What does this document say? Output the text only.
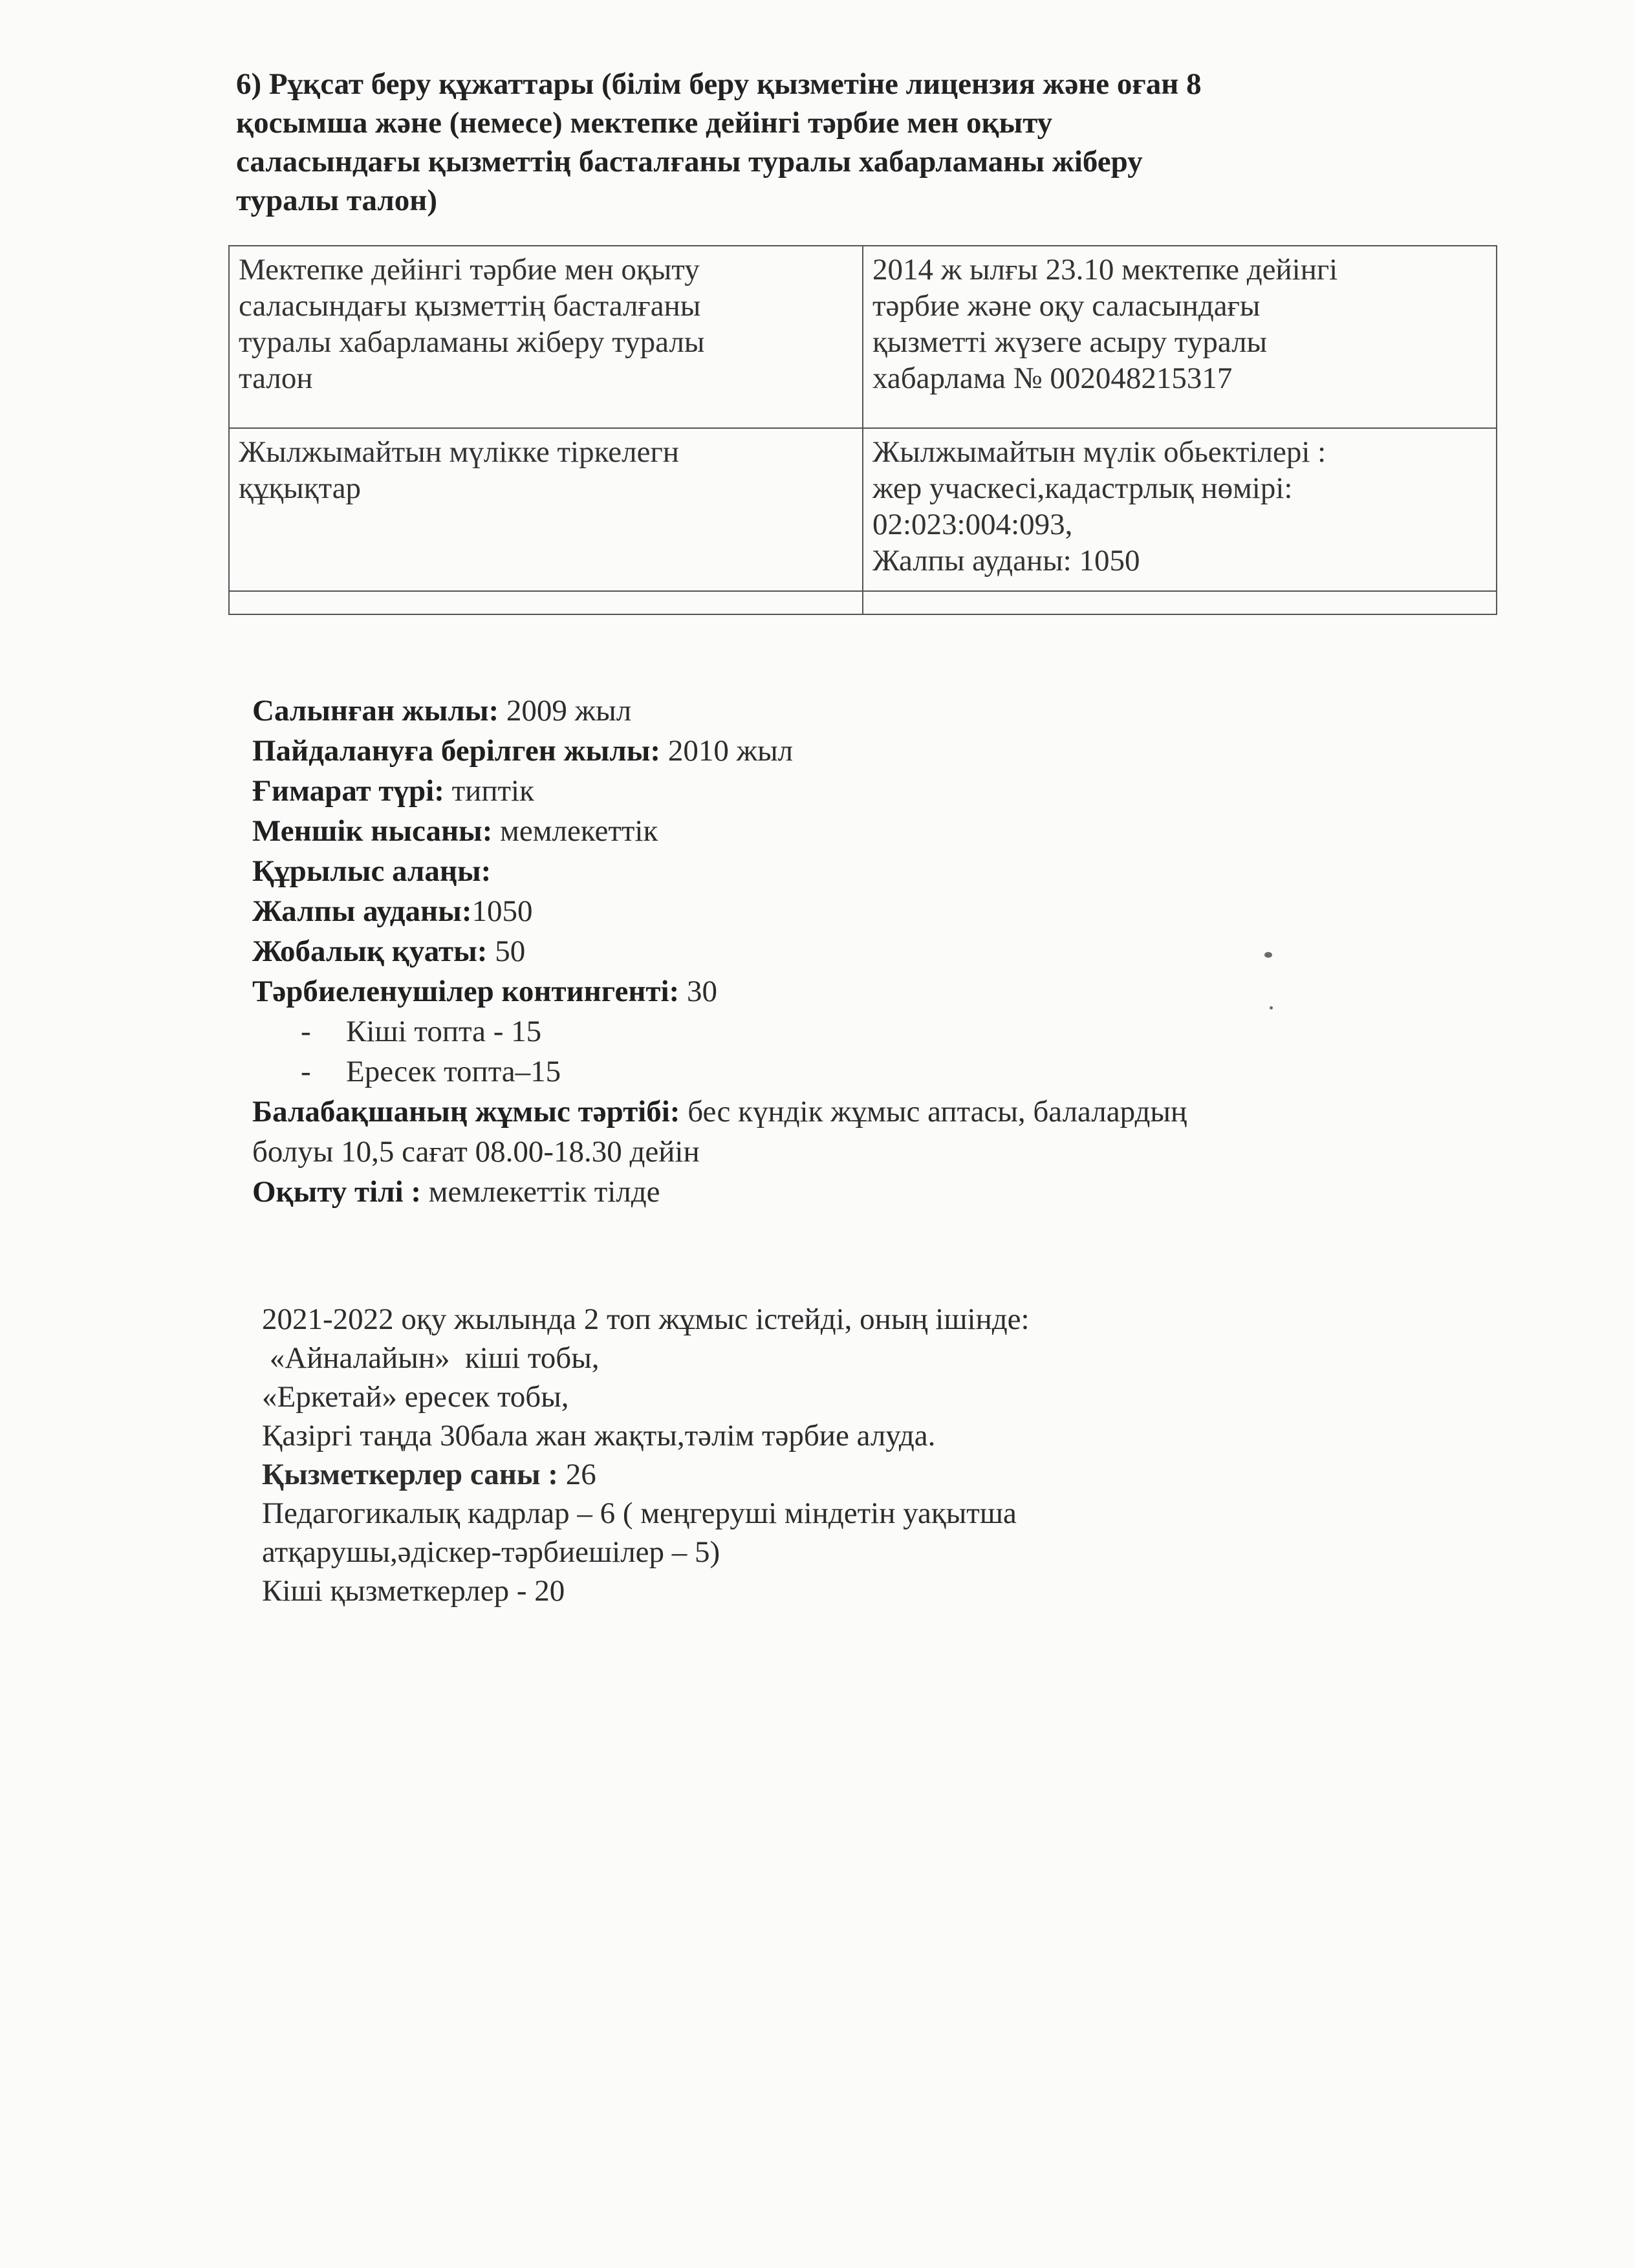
6) Рұқсат беру құжаттары (білім беру қызметіне лицензия және оған 8
қосымша және (немесе) мектепке дейінгі тәрбие мен оқыту
саласындағы қызметтің басталғаны туралы хабарламаны жіберу
туралы талон)
Мектепке дейінгі тәрбие мен оқыту
саласындағы қызметтің басталғаны
туралы хабарламаны жіберу туралы
талон	2014 ж ылғы 23.10 мектепке дейінгі
тәрбие және оқу саласындағы
қызметті жүзеге асыру туралы
хабарлама № 002048215317

Жылжымайтын мүлікке тіркелегн
құқықтар	Жылжымайтын мүлік обьектілері :
жер учаскесі,кадастрлық нөмірі:
02:023:004:093,
Жалпы ауданы: 1050

Салынған жылы: 2009 жыл
Пайдалануға берілген жылы: 2010 жыл
Ғимарат түрі: типтік
Меншік нысаны: мемлекеттік
Құрылыс алаңы:
Жалпы ауданы:1050
Жобалық қуаты: 50
Тәрбиеленушілер контингенті: 30
- Кіші топта - 15
- Ересек топта–15
Балабақшаның жұмыс тәртібі: бес күндік жұмыс аптасы, балалардың
болуы 10,5 сағат 08.00-18.30 дейін
Оқыту тілі : мемлекеттік тілде
2021-2022 оқу жылында 2 топ жұмыс істейді, оның ішінде:
«Айналайын»  кіші тобы,
«Еркетай» ересек тобы,
Қазіргі таңда 30бала жан жақты,тәлім тәрбие алуда.
Қызметкерлер саны : 26
Педагогикалық кадрлар – 6 ( меңгеруші міндетін уақытша
атқарушы,әдіскер-тәрбиешілер – 5)
Кіші қызметкерлер - 20
